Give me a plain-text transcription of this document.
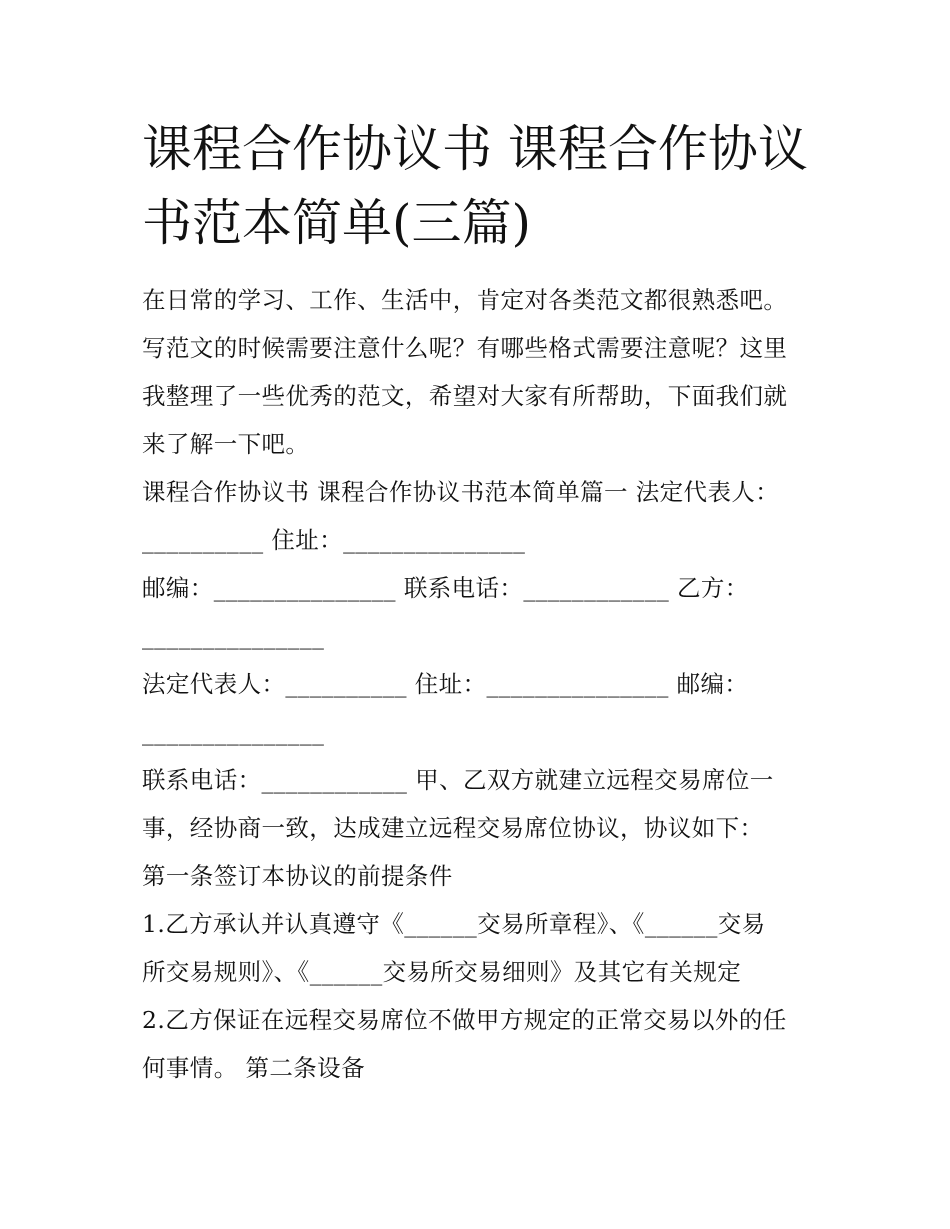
课程合作协议书 课程合作协议
书范本简单(三篇)
在日常的学习、工作、生活中，肯定对各类范文都很熟悉吧。
写范文的时候需要注意什么呢？有哪些格式需要注意呢？这里
我整理了一些优秀的范文，希望对大家有所帮助，下面我们就
来了解一下吧。
课程合作协议书 课程合作协议书范本简单篇一 法定代表人：
__________ 住址：_______________
邮编：_______________ 联系电话：____________ 乙方：
_______________
法定代表人：__________ 住址：_______________ 邮编：
_______________
联系电话：____________ 甲、乙双方就建立远程交易席位一
事，经协商一致，达成建立远程交易席位协议，协议如下：
第一条签订本协议的前提条件
1.乙方承认并认真遵守《______交易所章程》、《______交易
所交易规则》、《______交易所交易细则》及其它有关规定
2.乙方保证在远程交易席位不做甲方规定的正常交易以外的任
何事情。 第二条设备
